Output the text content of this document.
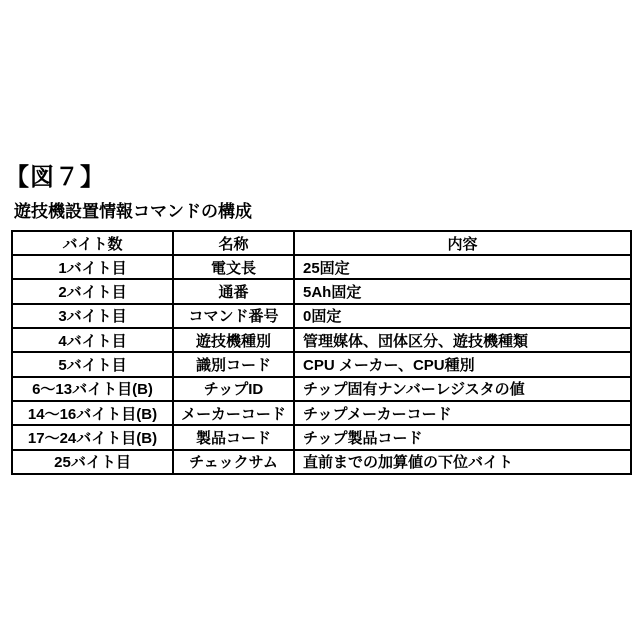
【図７】
遊技機設置情報コマンドの構成
バイト数	名称	内容
1バイト目	電文長	25固定
2バイト目	通番	5Ah固定
3バイト目	コマンド番号	0固定
4バイト目	遊技機種別	管理媒体、団体区分、遊技機種類
5バイト目	識別コード	CPU メーカー、CPU種別
6〜13バイト目(B)	チップID	チップ固有ナンバーレジスタの値
14〜16バイト目(B)	メーカーコード	チップメーカーコード
17〜24バイト目(B)	製品コード	チップ製品コード
25バイト目	チェックサム	直前までの加算値の下位バイト
